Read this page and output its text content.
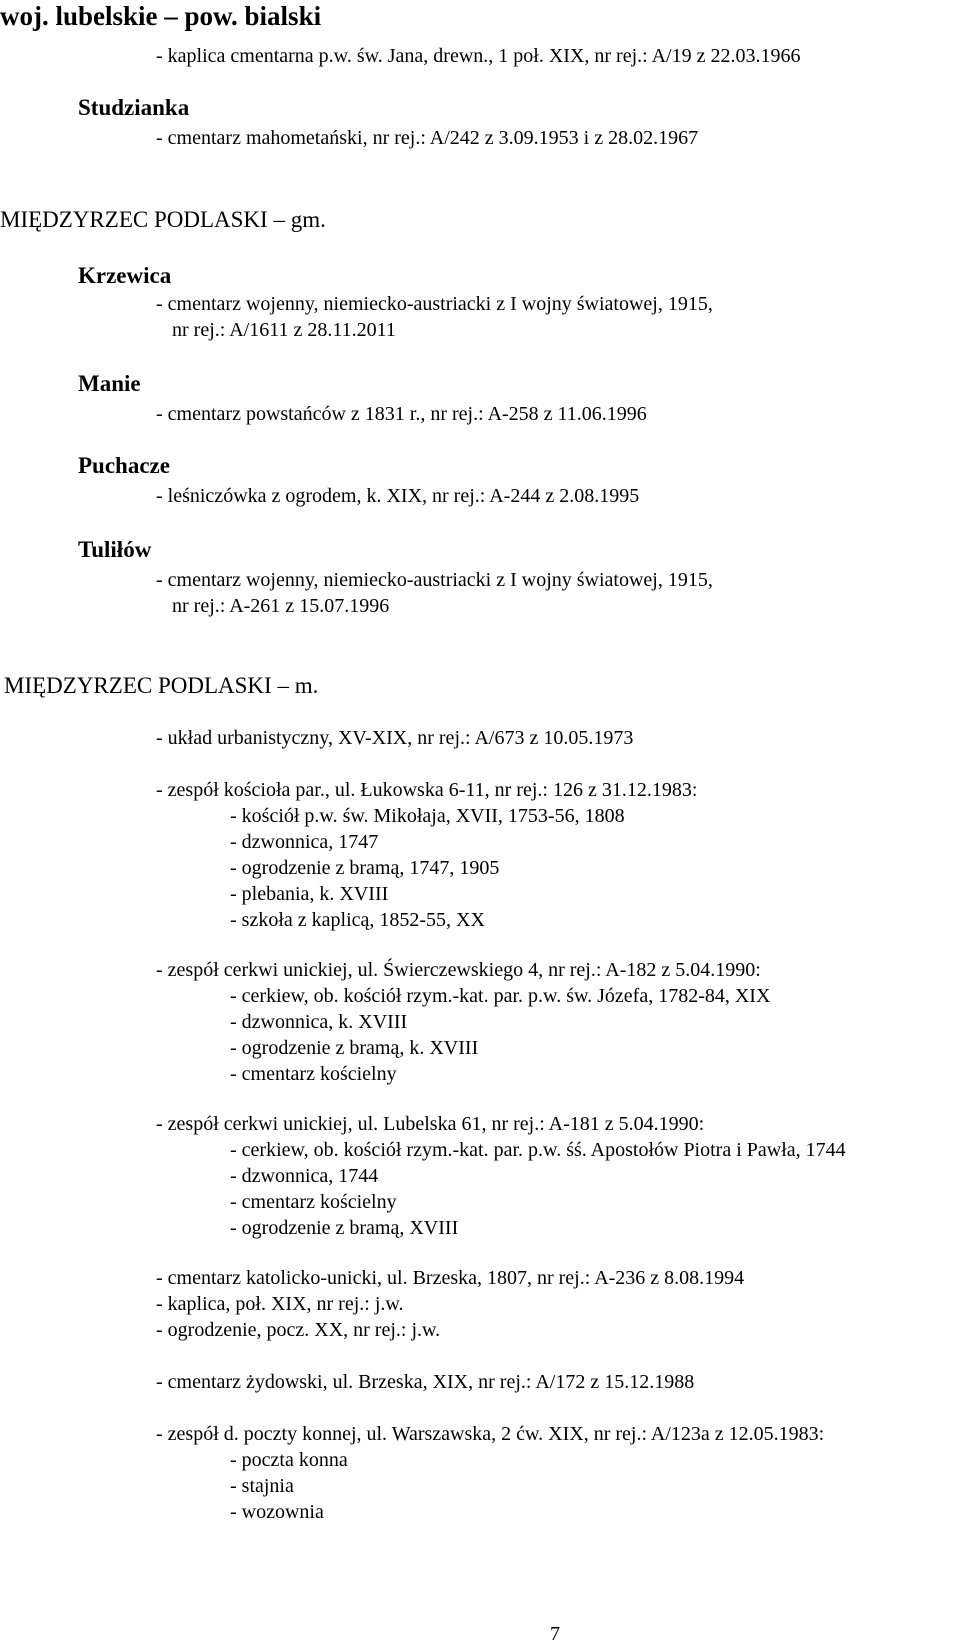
woj. lubelskie – pow. bialski
- kaplica cmentarna p.w. św. Jana, drewn., 1 poł. XIX, nr rej.: A/19 z 22.03.1966
Studzianka
- cmentarz mahometański, nr rej.: A/242 z 3.09.1953 i z 28.02.1967
MIĘDZYRZEC PODLASKI – gm.
Krzewica
- cmentarz wojenny, niemiecko-austriacki z I wojny światowej, 1915,
nr rej.: A/1611 z 28.11.2011
Manie
- cmentarz powstańców z 1831 r., nr rej.: A-258 z 11.06.1996
Puchacze
- leśniczówka z ogrodem, k. XIX, nr rej.: A-244 z 2.08.1995
Tuliłów
- cmentarz wojenny, niemiecko-austriacki z I wojny światowej, 1915,
nr rej.: A-261 z 15.07.1996
MIĘDZYRZEC PODLASKI – m.
- układ urbanistyczny, XV-XIX, nr rej.: A/673 z 10.05.1973
- zespół kościoła par., ul. Łukowska 6-11, nr rej.: 126 z 31.12.1983:
- kościół p.w. św. Mikołaja, XVII, 1753-56, 1808
- dzwonnica, 1747
- ogrodzenie z bramą, 1747, 1905
- plebania, k. XVIII
- szkoła z kaplicą, 1852-55, XX
- zespół cerkwi unickiej, ul. Świerczewskiego 4, nr rej.: A-182 z 5.04.1990:
- cerkiew, ob. kościół rzym.-kat. par. p.w. św. Józefa, 1782-84, XIX
- dzwonnica, k. XVIII
- ogrodzenie z bramą, k. XVIII
- cmentarz kościelny
- zespół cerkwi unickiej, ul. Lubelska 61, nr rej.: A-181 z 5.04.1990:
- cerkiew, ob. kościół rzym.-kat. par. p.w. śś. Apostołów Piotra i Pawła, 1744
- dzwonnica, 1744
- cmentarz kościelny
- ogrodzenie z bramą, XVIII
- cmentarz katolicko-unicki, ul. Brzeska, 1807, nr rej.: A-236 z 8.08.1994
- kaplica, poł. XIX, nr rej.: j.w.
- ogrodzenie, pocz. XX, nr rej.: j.w.
- cmentarz żydowski, ul. Brzeska, XIX, nr rej.: A/172 z 15.12.1988
- zespół d. poczty konnej, ul. Warszawska, 2 ćw. XIX, nr rej.: A/123a z 12.05.1983:
- poczta konna
- stajnia
- wozownia
7
